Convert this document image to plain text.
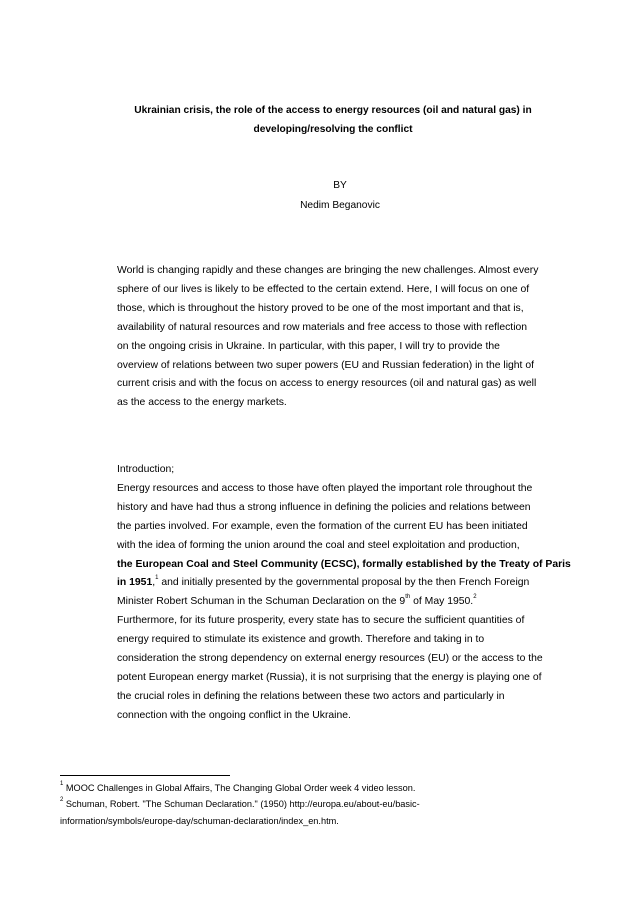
Ukrainian crisis, the role of the access to energy resources (oil and natural gas) in
developing/resolving the conflict
BY
Nedim Beganovic

World is changing rapidly and these changes are bringing the new challenges. Almost every

sphere of our lives is likely to be effected to the certain extend. Here, I will focus on one of

those, which is throughout the history proved to be one of the most important and that is,

availability of natural resources and row materials and free access to those with reflection

on the ongoing crisis in Ukraine. In particular, with this paper, I will try to provide the

overview of relations between two super powers (EU and Russian federation) in the light of

current crisis and with the focus on access to energy resources (oil and natural gas) as well

as the access to the energy markets.

Introduction;

Energy resources and access to those have often played the important role throughout the

history and have had thus a strong influence in defining the policies and relations between

the parties involved. For example, even the formation of the current EU has been initiated

with the idea of forming the union around the coal and steel exploitation and production,

the European Coal and Steel Community (ECSC), formally established by the Treaty of Paris

in 1951,$^1$ and initially presented by the governmental proposal by the then French Foreign

Minister Robert Schuman in the Schuman Declaration on the 9th of May 1950.$^2$

Furthermore, for its future prosperity, every state has to secure the sufficient quantities of

energy required to stimulate its existence and growth. Therefore and taking in to

consideration the strong dependency on external energy resources (EU) or the access to the

potent European energy market (Russia), it is not surprising that the energy is playing one of

the crucial roles in defining the relations between these two actors and particularly in

connection with the ongoing conflict in the Ukraine.

$^1$ MOOC Challenges in Global Affairs, The Changing Global Order week 4 video lesson.
$^2$ Schuman, Robert. "The Schuman Declaration." (1950) http://europa.eu/about-eu/basic-
information/symbols/europe-day/schuman-declaration/index_en.htm.
